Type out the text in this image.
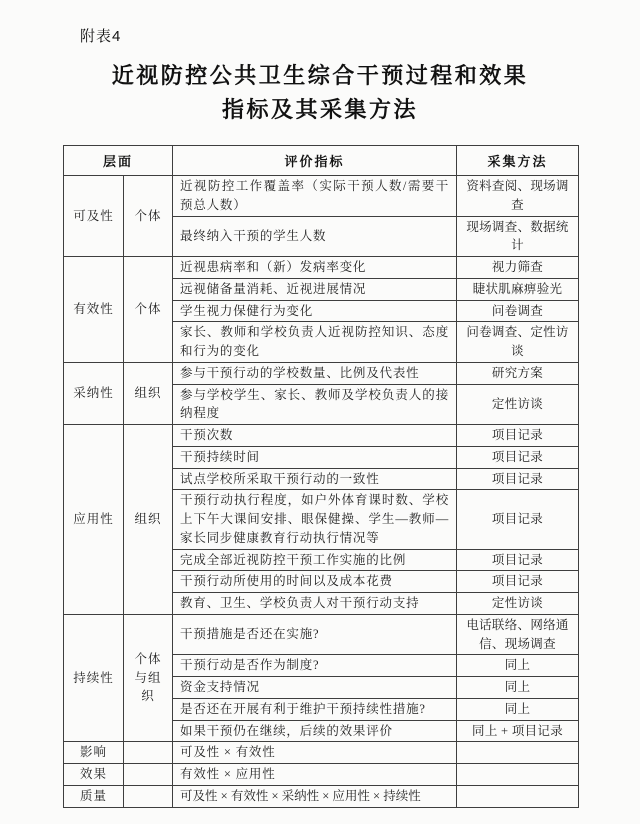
附表4
近视防控公共卫生综合干预过程和效果
指标及其采集方法
层面		评价指标	采集方法
可及性	个体	近视防控工作覆盖率（实际干预人数/需要干预总人数）	资料查阅、现场调查
		最终纳入干预的学生人数	现场调查、数据统计
有效性	个体	近视患病率和（新）发病率变化	视力筛查
		远视储备量消耗、近视进展情况	睫状肌麻痹验光
		学生视力保健行为变化	问卷调查
		家长、教师和学校负责人近视防控知识、态度和行为的变化	问卷调查、定性访谈
采纳性	组织	参与干预行动的学校数量、比例及代表性	研究方案
		参与学校学生、家长、教师及学校负责人的接纳程度	定性访谈
应用性	组织	干预次数	项目记录
		干预持续时间	项目记录
		试点学校所采取干预行动的一致性	项目记录
		干预行动执行程度，如户外体育课时数、学校上下午大课间安排、眼保健操、学生—教师—家长同步健康教育行动执行情况等	项目记录
		完成全部近视防控干预工作实施的比例	项目记录
		干预行动所使用的时间以及成本花费	项目记录
		教育、卫生、学校负责人对干预行动支持	定性访谈
持续性	个体与组织	干预措施是否还在实施?	电话联络、网络通信、现场调查
		干预行动是否作为制度?	同上
		资金支持情况	同上
		是否还在开展有利于维护干预持续性措施?	同上
		如果干预仍在继续，后续的效果评价	同上 + 项目记录
影响		可及性 × 有效性	
效果		有效性 × 应用性	
质量		可及性 × 有效性 × 采纳性 × 应用性 × 持续性	
